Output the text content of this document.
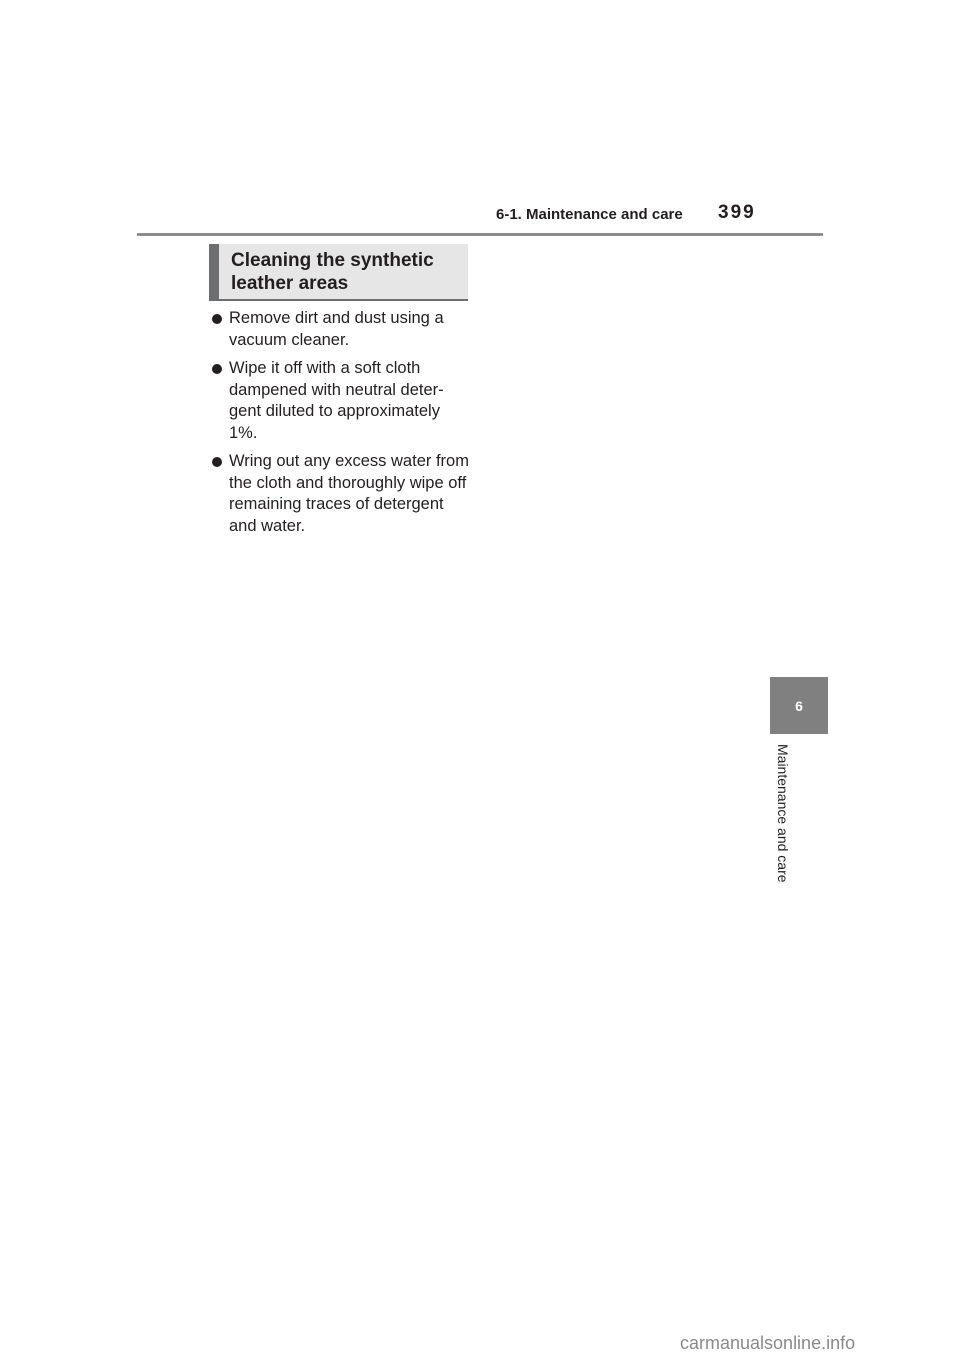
6-1. Maintenance and care 399
Cleaning the synthetic leather areas
Remove dirt and dust using a vacuum cleaner.
Wipe it off with a soft cloth dampened with neutral deter-gent diluted to approximately 1%.
Wring out any excess water from the cloth and thoroughly wipe off remaining traces of detergent and water.
6
Maintenance and care
carmanualsonline.info
